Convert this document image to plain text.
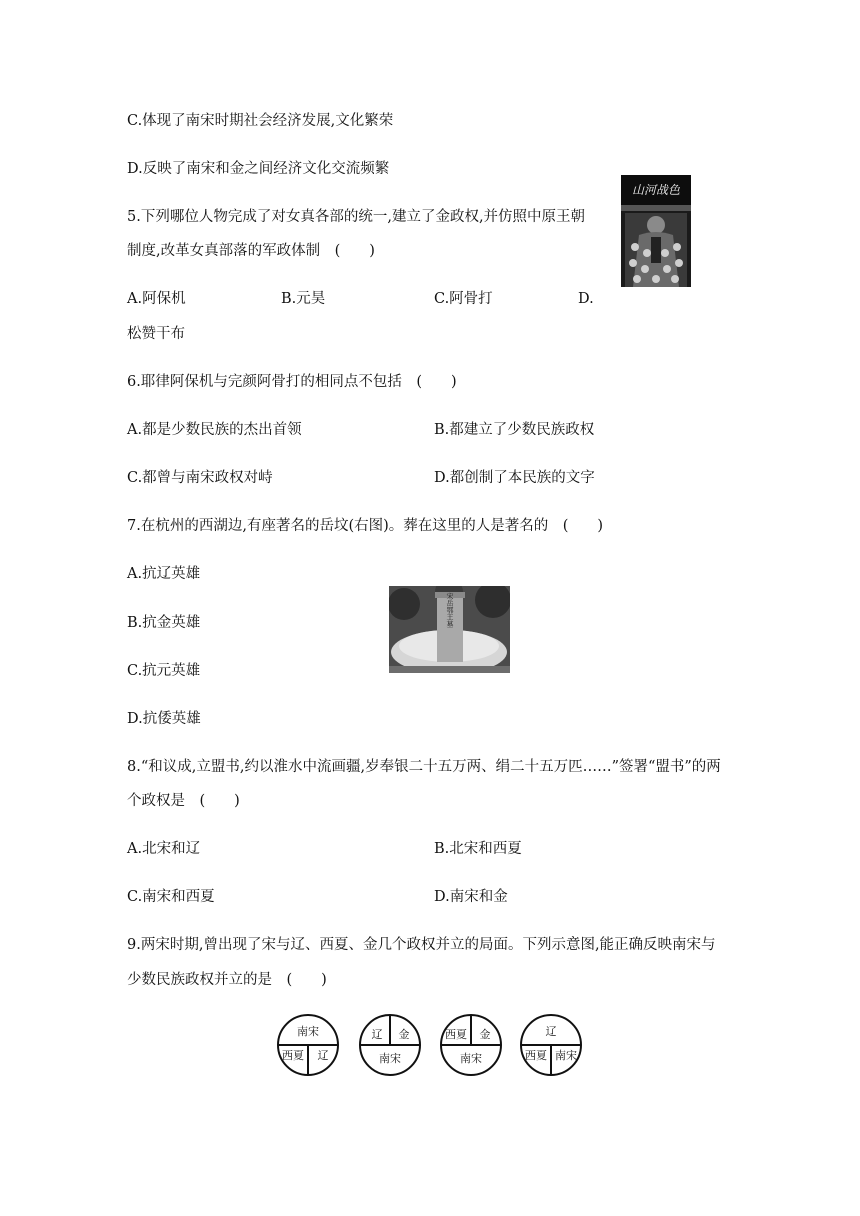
C.体现了南宋时期社会经济发展,文化繁荣
D.反映了南宋和金之间经济文化交流频繁
5.下列哪位人物完成了对女真各部的统一,建立了金政权,并仿照中原王朝
制度,改革女真部落的军政体制　(　　)
A.阿保机	B.元昊	C.阿骨打	D.
松赞干布
山河战色
6.耶律阿保机与完颜阿骨打的相同点不包括　(　　)
A.都是少数民族的杰出首领	B.都建立了少数民族政权
C.都曾与南宋政权对峙	D.都创制了本民族的文字
7.在杭州的西湖边,有座著名的岳坟(右图)。葬在这里的人是著名的　(　　)
A.抗辽英雄
B.抗金英雄
C.抗元英雄
D.抗倭英雄
宋岳鄂王墓
8.“和议成,立盟书,约以淮水中流画疆,岁奉银二十五万两、绢二十五万匹……”签署“盟书”的两
个政权是　(　　)
A.北宋和辽	B.北宋和西夏
C.南宋和西夏	D.南宋和金
9.两宋时期,曾出现了宋与辽、西夏、金几个政权并立的局面。下列示意图,能正确反映南宋与
少数民族政权并立的是　(　　)
南宋
西夏 辽
辽 金
南宋
西夏 金
南宋
辽
西夏 南宋
